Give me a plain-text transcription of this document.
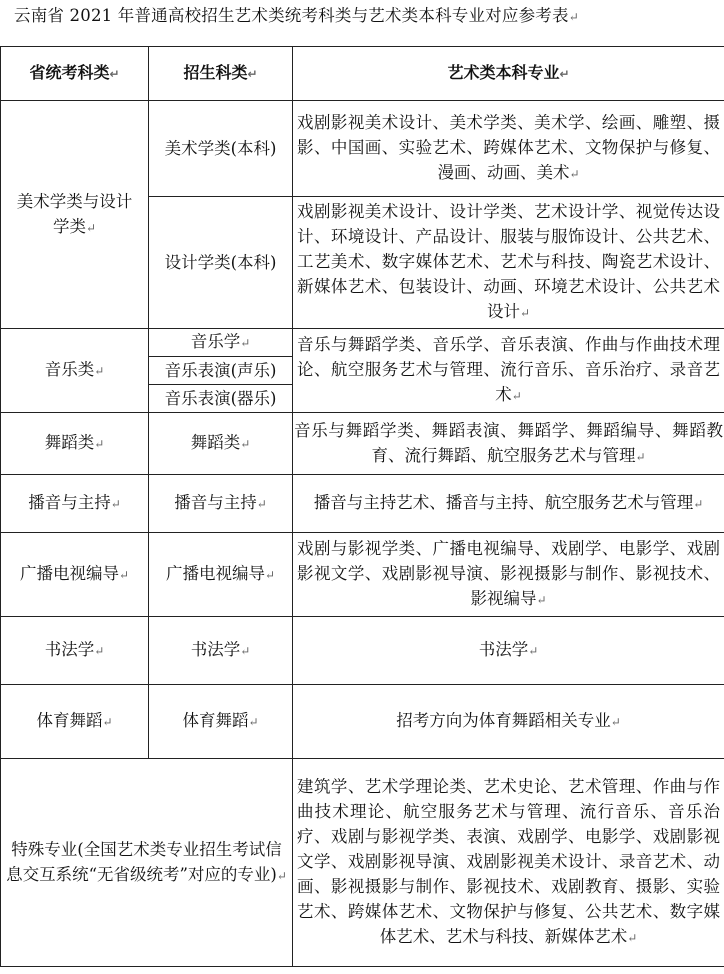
云南省 2021 年普通高校招生艺术类统考科类与艺术类本科专业对应参考表↵
省统考科类↵	招生科类↵	艺术类本科专业↵
美术学类与设计学类↵	美术学类(本科)	戏剧影视美术设计、美术学类、美术学、绘画、雕塑、摄影、中国画、实验艺术、跨媒体艺术、文物保护与修复、漫画、动画、美术↵
	设计学类(本科)	戏剧影视美术设计、设计学类、艺术设计学、视觉传达设计、环境设计、产品设计、服装与服饰设计、公共艺术、工艺美术、数字媒体艺术、艺术与科技、陶瓷艺术设计、新媒体艺术、包装设计、动画、环境艺术设计、公共艺术设计↵
音乐类↵	音乐学↵	音乐与舞蹈学类、音乐学、音乐表演、作曲与作曲技术理论、航空服务艺术与管理、流行音乐、音乐治疗、录音艺术↵
	音乐表演(声乐)	
	音乐表演(器乐)	
舞蹈类↵	舞蹈类↵	音乐与舞蹈学类、舞蹈表演、舞蹈学、舞蹈编导、舞蹈教育、流行舞蹈、航空服务艺术与管理↵
播音与主持↵	播音与主持↵	播音与主持艺术、播音与主持、航空服务艺术与管理↵
广播电视编导↵	广播电视编导↵	戏剧与影视学类、广播电视编导、戏剧学、电影学、戏剧影视文学、戏剧影视导演、影视摄影与制作、影视技术、影视编导↵
书法学↵	书法学↵	书法学↵
体育舞蹈↵	体育舞蹈↵	招考方向为体育舞蹈相关专业↵
特殊专业(全国艺术类专业招生考试信息交互系统“无省级统考”对应的专业)↵		建筑学、艺术学理论类、艺术史论、艺术管理、作曲与作曲技术理论、航空服务艺术与管理、流行音乐、音乐治疗、戏剧与影视学类、表演、戏剧学、电影学、戏剧影视文学、戏剧影视导演、戏剧影视美术设计、录音艺术、动画、影视摄影与制作、影视技术、戏剧教育、摄影、实验艺术、跨媒体艺术、文物保护与修复、公共艺术、数字媒体艺术、艺术与科技、新媒体艺术↵
